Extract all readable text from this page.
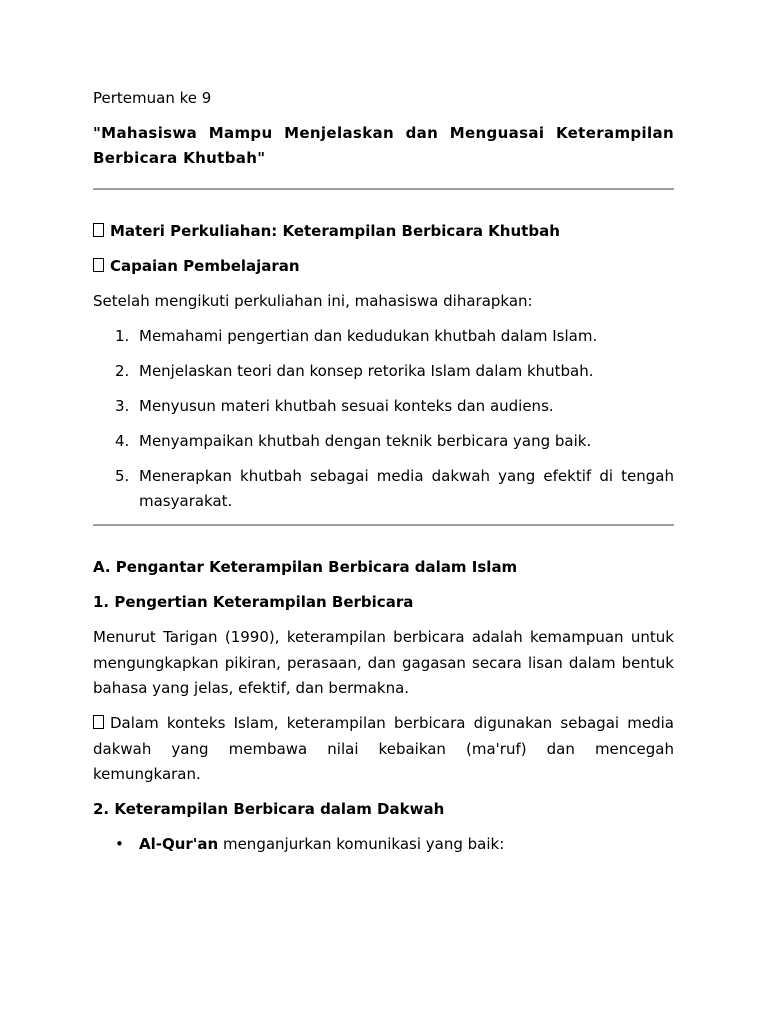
Pertemuan ke 9

"Mahasiswa Mampu Menjelaskan dan Menguasai Keterampilan Berbicara Khutbah"

Materi Perkuliahan: Keterampilan Berbicara Khutbah

Capaian Pembelajaran

Setelah mengikuti perkuliahan ini, mahasiswa diharapkan:

1. Memahami pengertian dan kedudukan khutbah dalam Islam.
2. Menjelaskan teori dan konsep retorika Islam dalam khutbah.
3. Menyusun materi khutbah sesuai konteks dan audiens.
4. Menyampaikan khutbah dengan teknik berbicara yang baik.
5. Menerapkan khutbah sebagai media dakwah yang efektif di tengah masyarakat.

A. Pengantar Keterampilan Berbicara dalam Islam

1. Pengertian Keterampilan Berbicara

Menurut Tarigan (1990), keterampilan berbicara adalah kemampuan untuk mengungkapkan pikiran, perasaan, dan gagasan secara lisan dalam bentuk bahasa yang jelas, efektif, dan bermakna.

Dalam konteks Islam, keterampilan berbicara digunakan sebagai media dakwah yang membawa nilai kebaikan (ma'ruf) dan mencegah kemungkaran.

2. Keterampilan Berbicara dalam Dakwah

•	Al-Qur'an menganjurkan komunikasi yang baik:
